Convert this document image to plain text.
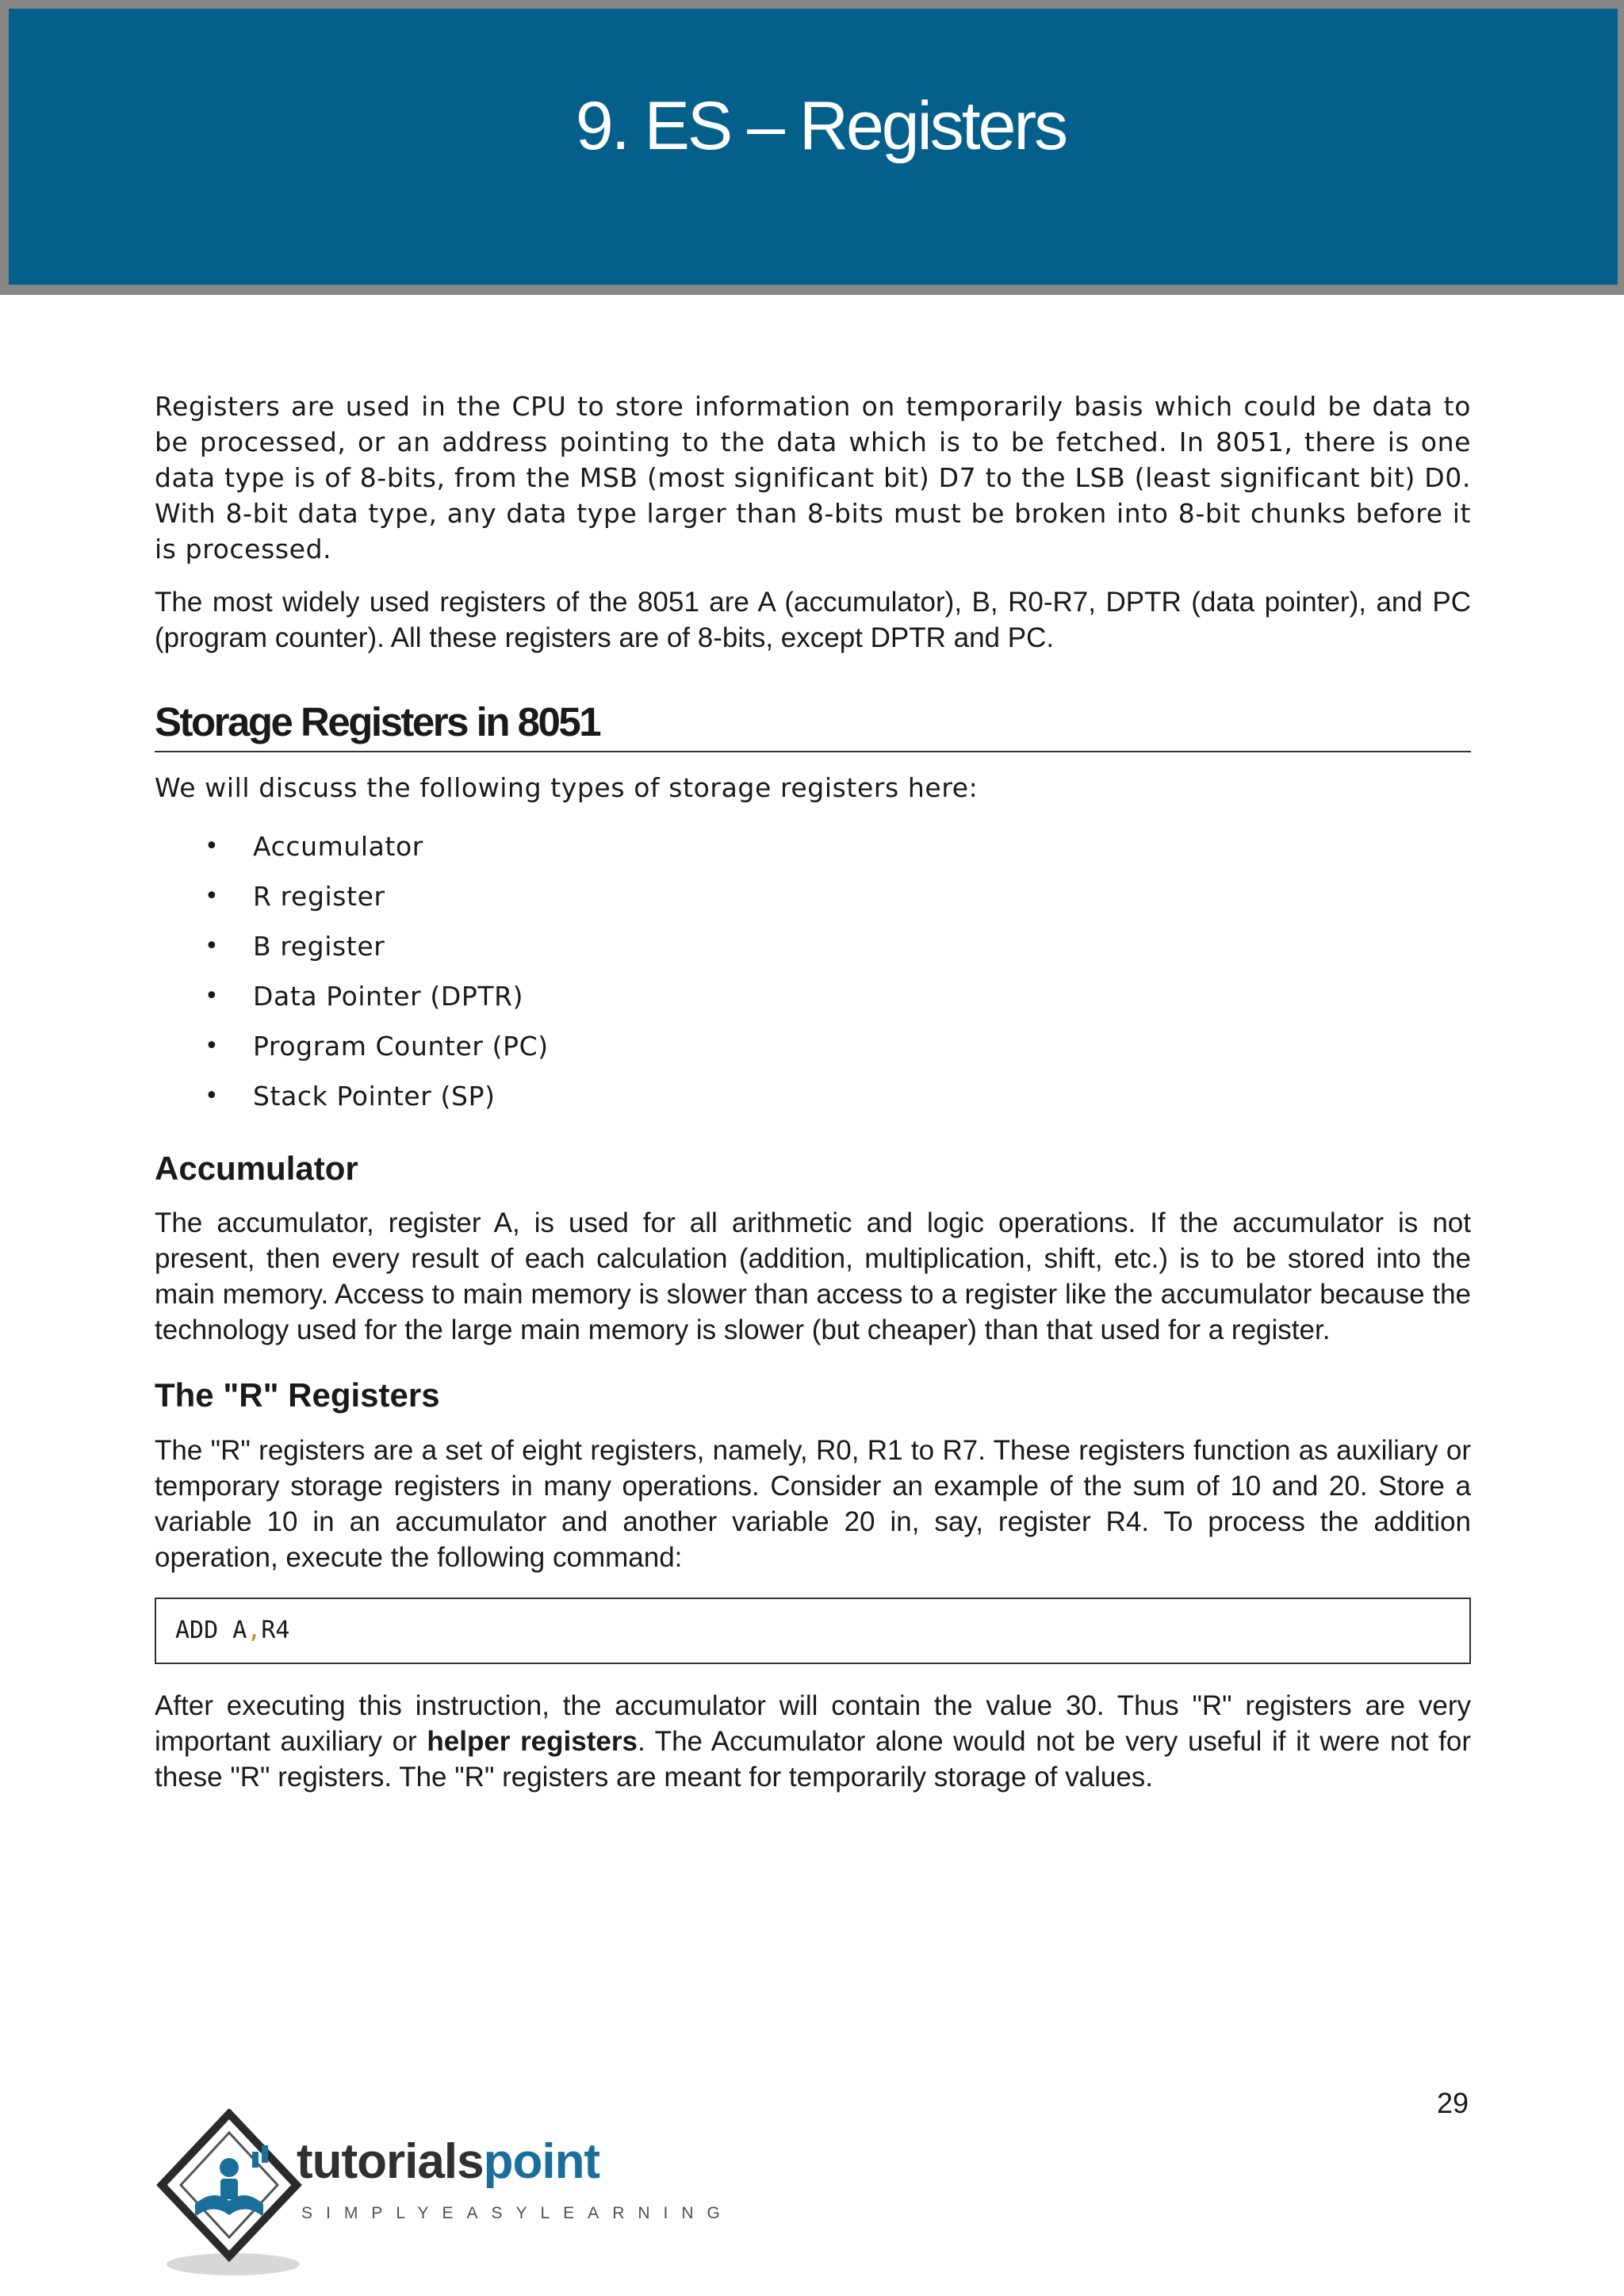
9. ES – Registers

Registers are used in the CPU to store information on temporarily basis which could be data to be processed, or an address pointing to the data which is to be fetched. In 8051, there is one data type is of 8-bits, from the MSB (most significant bit) D7 to the LSB (least significant bit) D0. With 8-bit data type, any data type larger than 8-bits must be broken into 8-bit chunks before it is processed.

The most widely used registers of the 8051 are A (accumulator), B, R0-R7, DPTR (data pointer), and PC (program counter). All these registers are of 8-bits, except DPTR and PC.

Storage Registers in 8051

We will discuss the following types of storage registers here:

• Accumulator
• R register
• B register
• Data Pointer (DPTR)
• Program Counter (PC)
• Stack Pointer (SP)
Accumulator

The accumulator, register A, is used for all arithmetic and logic operations. If the accumulator is not present, then every result of each calculation (addition, multiplication, shift, etc.) is to be stored into the main memory. Access to main memory is slower than access to a register like the accumulator because the technology used for the large main memory is slower (but cheaper) than that used for a register.

The "R" Registers

The "R" registers are a set of eight registers, namely, R0, R1 to R7. These registers function as auxiliary or temporary storage registers in many operations. Consider an example of the sum of 10 and 20. Store a variable 10 in an accumulator and another variable 20 in, say, register R4. To process the addition operation, execute the following command:

ADD A , R4

After executing this instruction, the accumulator will contain the value 30. Thus "R" registers are very important auxiliary or helper registers. The Accumulator alone would not be very useful if it were not for these "R" registers. The "R" registers are meant for temporarily storage of values.

29
tutorialspoint
SIMPLYEASYLEARNING
